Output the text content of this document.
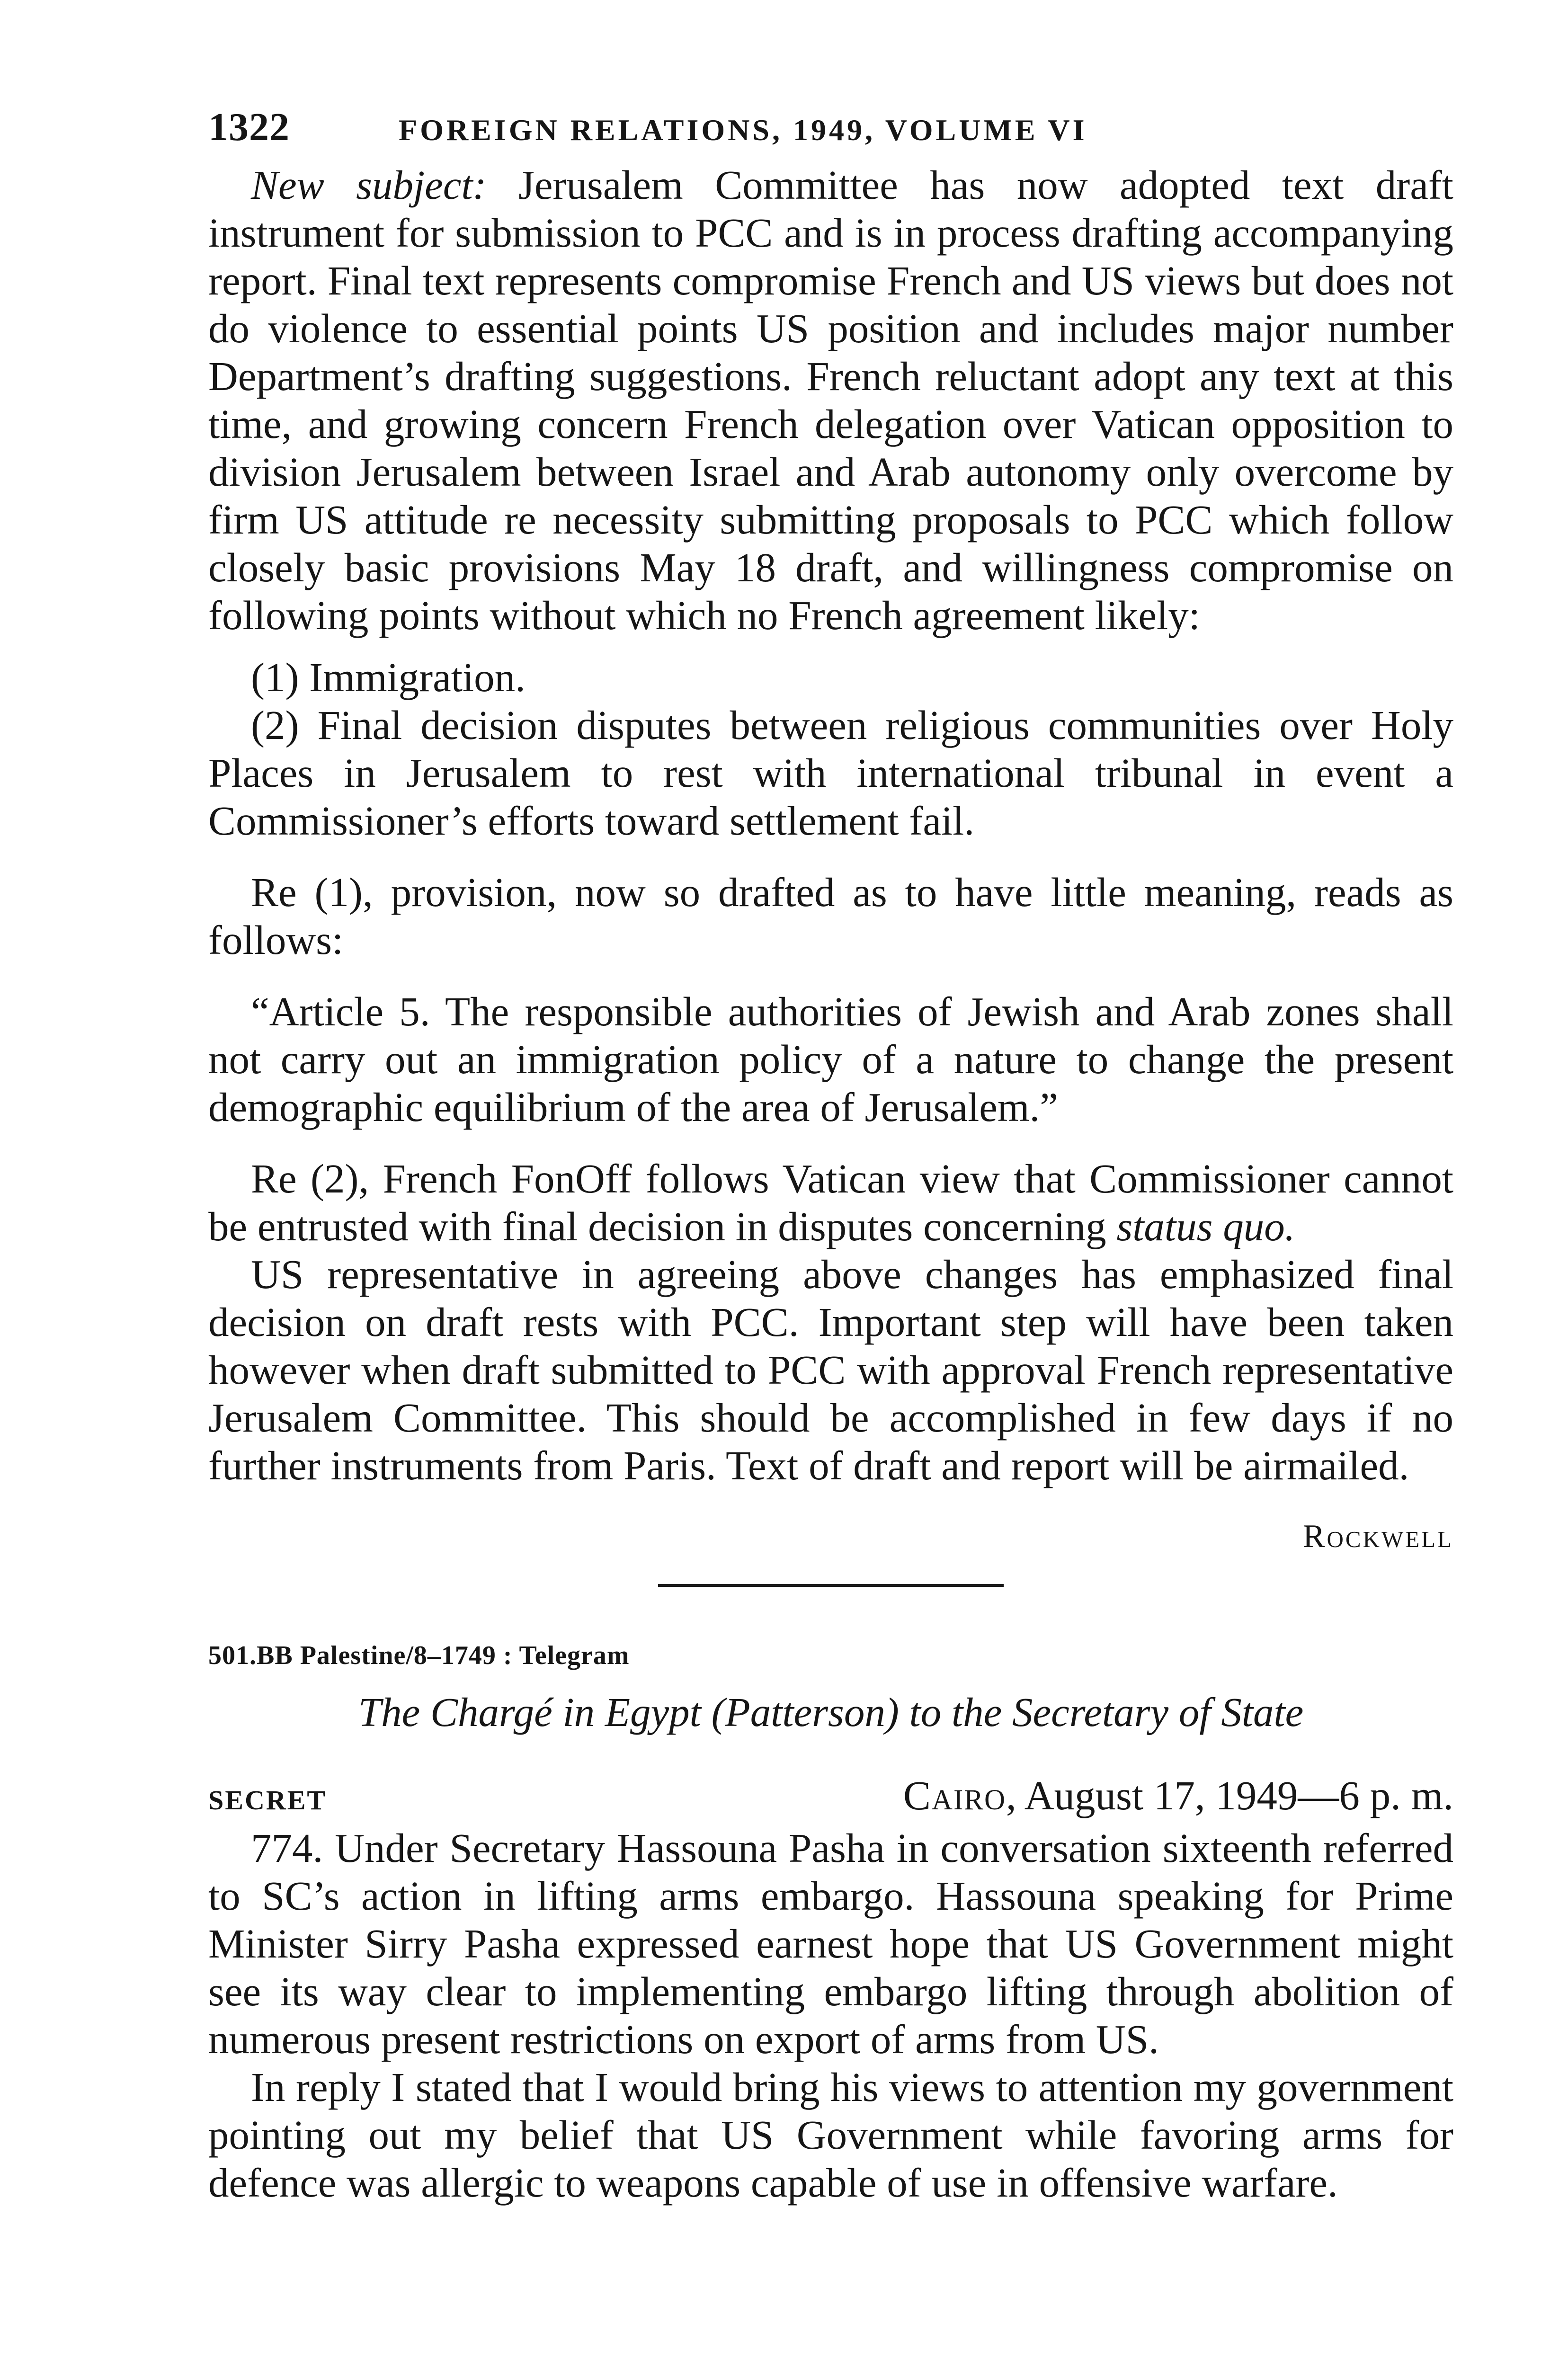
1322	FOREIGN RELATIONS, 1949, VOLUME VI

New subject: Jerusalem Committee has now adopted text draft instrument for submission to PCC and is in process drafting accompanying report. Final text represents compromise French and US views but does not do violence to essential points US position and includes major number Department’s drafting suggestions. French reluctant adopt any text at this time, and growing concern French delegation over Vatican opposition to division Jerusalem between Israel and Arab autonomy only overcome by firm US attitude re necessity submitting proposals to PCC which follow closely basic provisions May 18 draft, and willingness compromise on following points without which no French agreement likely:

(1) Immigration.

(2) Final decision disputes between religious communities over Holy Places in Jerusalem to rest with international tribunal in event a Commissioner’s efforts toward settlement fail.

Re (1), provision, now so drafted as to have little meaning, reads as follows:

“Article 5. The responsible authorities of Jewish and Arab zones shall not carry out an immigration policy of a nature to change the present demographic equilibrium of the area of Jerusalem.”

Re (2), French FonOff follows Vatican view that Commissioner cannot be entrusted with final decision in disputes concerning status quo.

US representative in agreeing above changes has emphasized final decision on draft rests with PCC. Important step will have been taken however when draft submitted to PCC with approval French representative Jerusalem Committee. This should be accomplished in few days if no further instruments from Paris. Text of draft and report will be airmailed.

Rockwell
501.BB Palestine/8–1749 : Telegram
The Chargé in Egypt (Patterson) to the Secretary of State
SECRET	Cairo, August 17, 1949—6 p. m.

774. Under Secretary Hassouna Pasha in conversation sixteenth referred to SC’s action in lifting arms embargo. Hassouna speaking for Prime Minister Sirry Pasha expressed earnest hope that US Government might see its way clear to implementing embargo lifting through abolition of numerous present restrictions on export of arms from US.

In reply I stated that I would bring his views to attention my government pointing out my belief that US Government while favoring arms for defence was allergic to weapons capable of use in offensive warfare.
